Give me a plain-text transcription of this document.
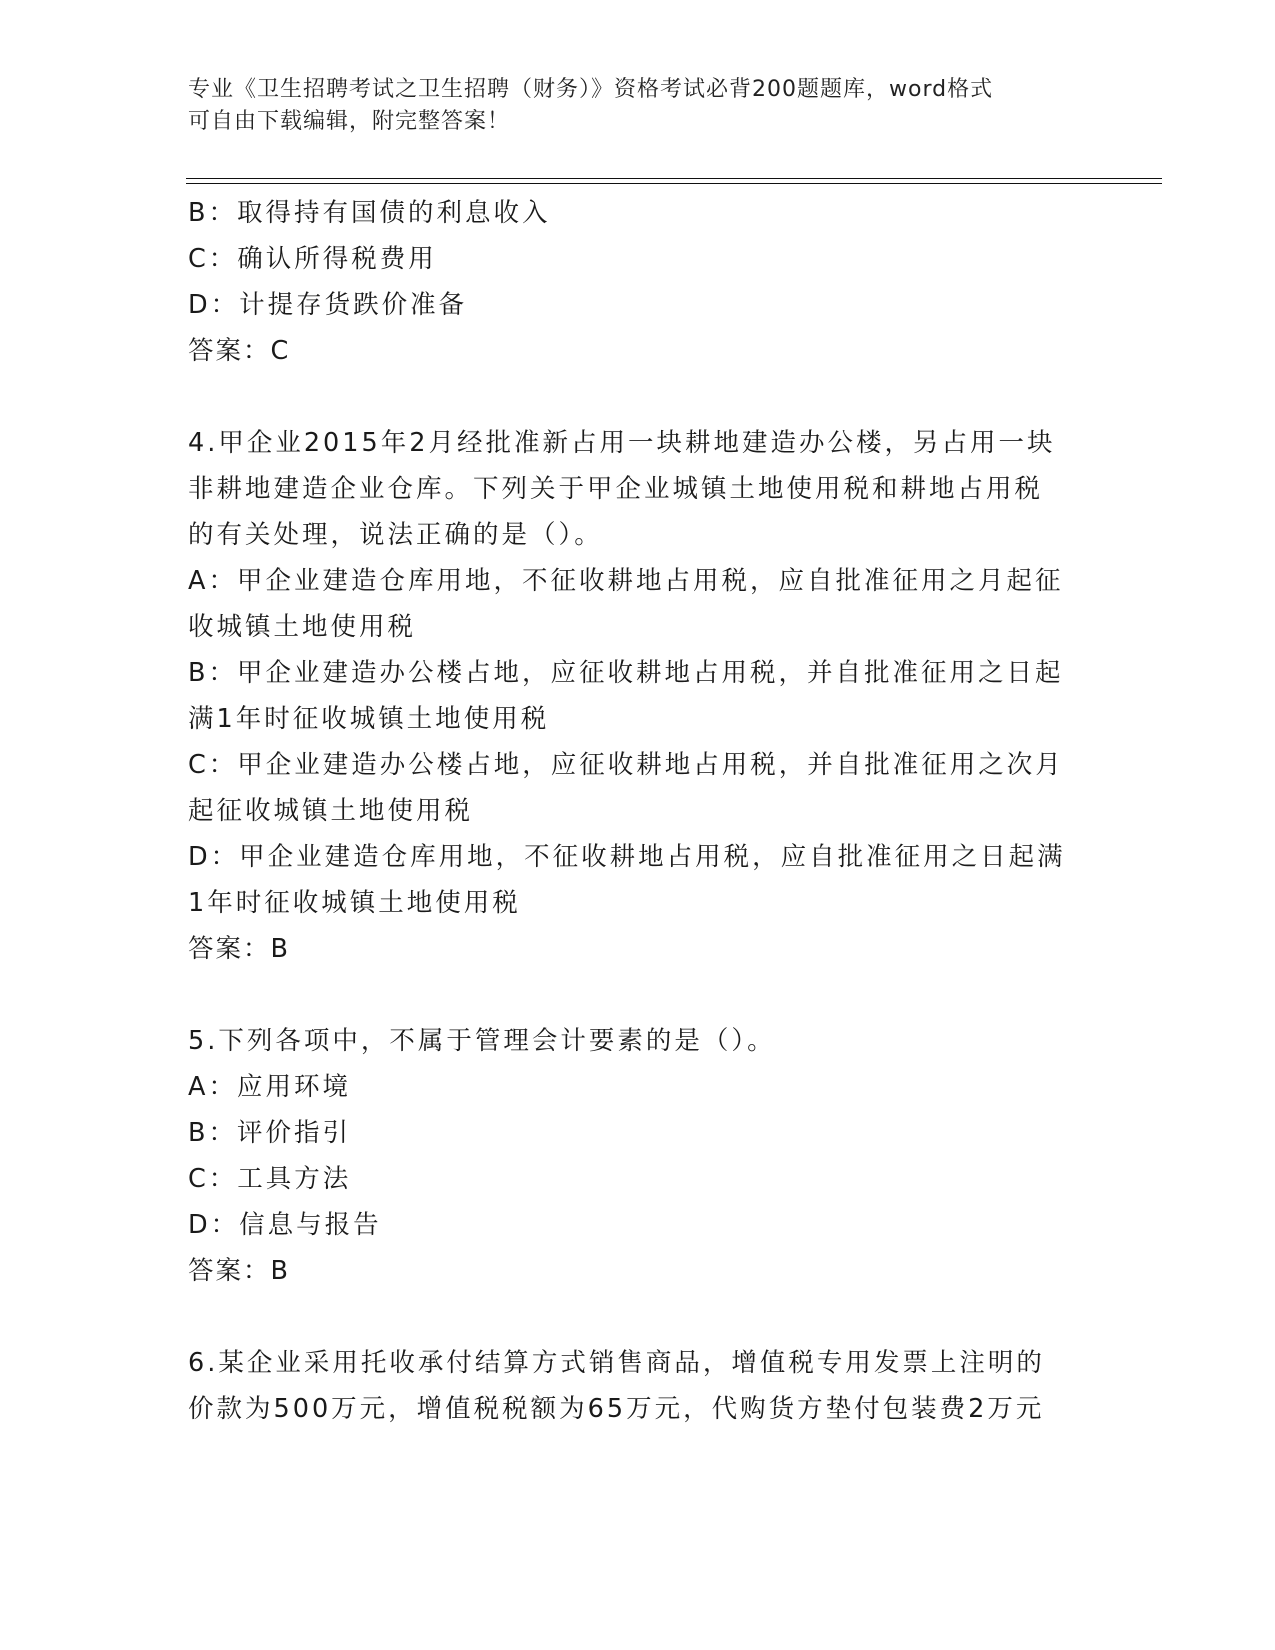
专业《卫生招聘考试之卫生招聘（财务）》资格考试必背200题题库，word格式
可自由下载编辑，附完整答案！
B：取得持有国债的利息收入
C：确认所得税费用
D：计提存货跌价准备
答案：C
4.甲企业2015年2月经批准新占用一块耕地建造办公楼，另占用一块
非耕地建造企业仓库。下列关于甲企业城镇土地使用税和耕地占用税
的有关处理，说法正确的是（）。
A：甲企业建造仓库用地，不征收耕地占用税，应自批准征用之月起征
收城镇土地使用税
B：甲企业建造办公楼占地，应征收耕地占用税，并自批准征用之日起
满1年时征收城镇土地使用税
C：甲企业建造办公楼占地，应征收耕地占用税，并自批准征用之次月
起征收城镇土地使用税
D：甲企业建造仓库用地，不征收耕地占用税，应自批准征用之日起满
1年时征收城镇土地使用税
答案：B
5.下列各项中，不属于管理会计要素的是（）。
A：应用环境
B：评价指引
C：工具方法
D：信息与报告
答案：B
6.某企业采用托收承付结算方式销售商品，增值税专用发票上注明的
价款为500万元，增值税税额为65万元，代购货方垫付包装费2万元
